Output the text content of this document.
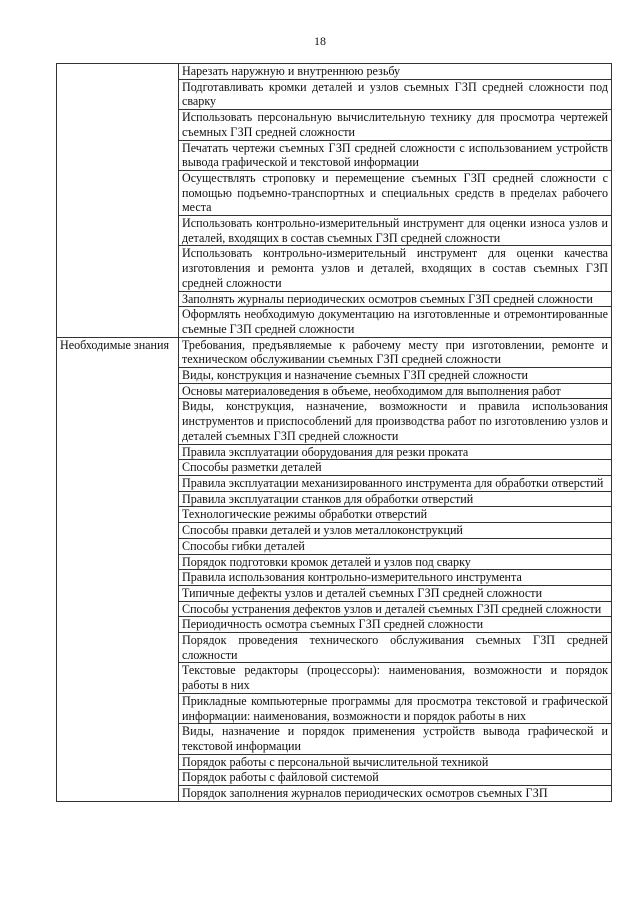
18
	Нарезать наружную и внутреннюю резьбу
	Подготавливать кромки деталей и узлов съемных ГЗП средней сложности под сварку
	Использовать персональную вычислительную технику для просмотра чертежей съемных ГЗП средней сложности
	Печатать чертежи съемных ГЗП средней сложности с использованием устройств вывода графической и текстовой информации
	Осуществлять строповку и перемещение съемных ГЗП средней сложности с помощью подъемно-транспортных и специальных средств в пределах рабочего места
	Использовать контрольно-измерительный инструмент для оценки износа узлов и деталей, входящих в состав съемных ГЗП средней сложности
	Использовать контрольно-измерительный инструмент для оценки качества изготовления и ремонта узлов и деталей, входящих в состав съемных ГЗП средней сложности
	Заполнять журналы периодических осмотров съемных ГЗП средней сложности
	Оформлять необходимую документацию на изготовленные и отремонтированные съемные ГЗП средней сложности
Необходимые знания	Требования, предъявляемые к рабочему месту при изготовлении, ремонте и техническом обслуживании съемных ГЗП средней сложности
	Виды, конструкция и назначение съемных ГЗП средней сложности
	Основы материаловедения в объеме, необходимом для выполнения работ
	Виды, конструкция, назначение, возможности и правила использования инструментов и приспособлений для производства работ по изготовлению узлов и деталей съемных ГЗП средней сложности
	Правила эксплуатации оборудования для резки проката
	Способы разметки деталей
	Правила эксплуатации механизированного инструмента для обработки отверстий
	Правила эксплуатации станков для обработки отверстий
	Технологические режимы обработки отверстий
	Способы правки деталей и узлов металлоконструкций
	Способы гибки деталей
	Порядок подготовки кромок деталей и узлов под сварку
	Правила использования контрольно-измерительного инструмента
	Типичные дефекты узлов и деталей съемных ГЗП средней сложности
	Способы устранения дефектов узлов и деталей съемных ГЗП средней сложности
	Периодичность осмотра съемных ГЗП средней сложности
	Порядок проведения технического обслуживания съемных ГЗП средней сложности
	Текстовые редакторы (процессоры): наименования, возможности и порядок работы в них
	Прикладные компьютерные программы для просмотра текстовой и графической информации: наименования, возможности и порядок работы в них
	Виды, назначение и порядок применения устройств вывода графической и текстовой информации
	Порядок работы с персональной вычислительной техникой
	Порядок работы с файловой системой
	Порядок заполнения журналов периодических осмотров съемных ГЗП
